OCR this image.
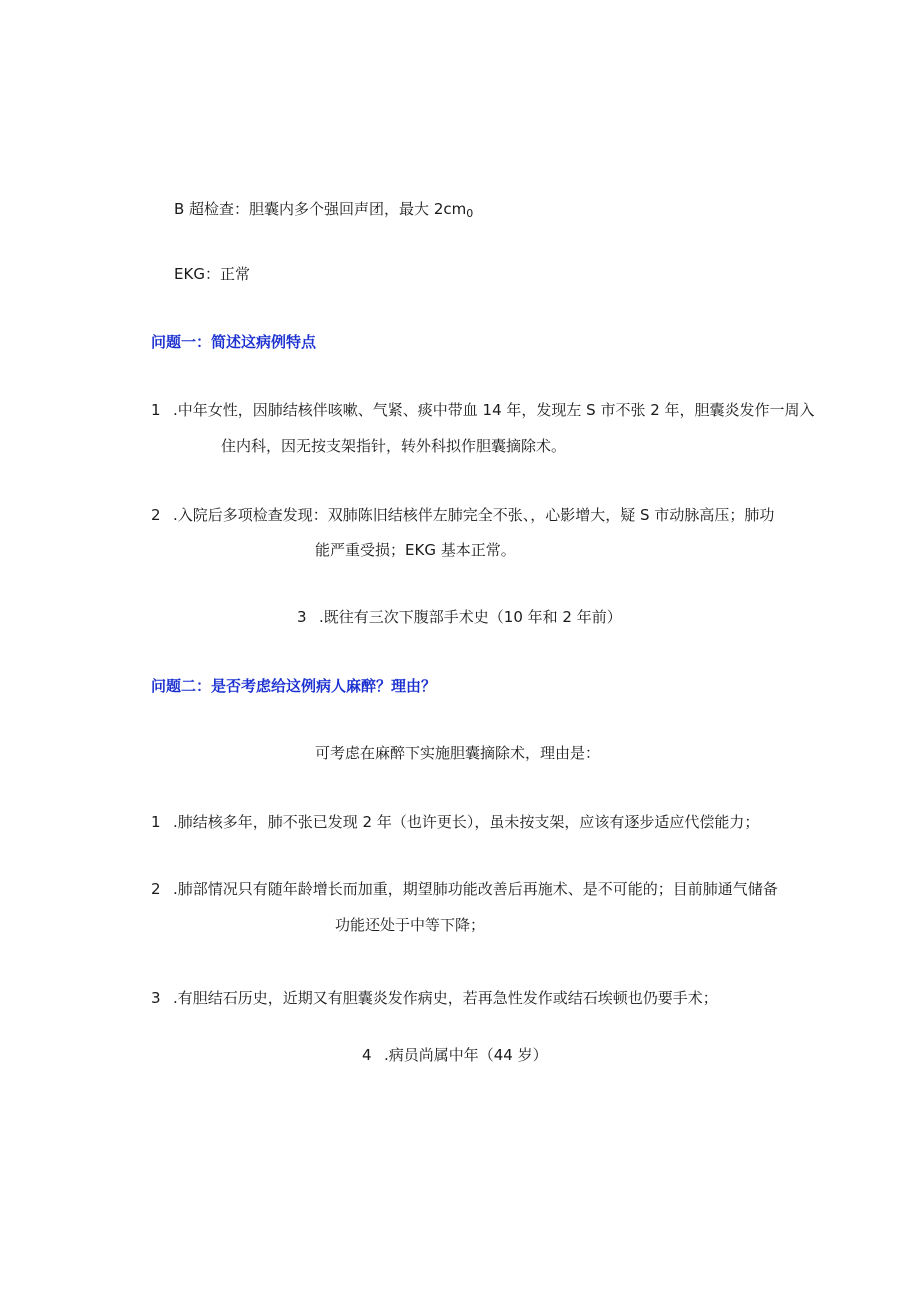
B 超检查：胆囊内多个强回声团，最大 $2cm_0$
EKG：正常
问题一：简述这病例特点
1 .中年女性，因肺结核伴咳嗽、气紧、痰中带血 14 年，发现左 S 市不张 2 年，胆囊炎发作一周入
住内科，因无按支架指针，转外科拟作胆囊摘除术。
2 .入院后多项检查发现：双肺陈旧结核伴左肺完全不张、，心影增大，疑 S 市动脉高压；肺功
能严重受损；EKG 基本正常。
3 .既往有三次下腹部手术史（10 年和 2 年前）
问题二：是否考虑给这例病人麻醉？理由？
可考虑在麻醉下实施胆囊摘除术，理由是：
1 .肺结核多年，肺不张已发现 2 年（也许更长），虽未按支架，应该有逐步适应代偿能力；
2 .肺部情况只有随年龄增长而加重，期望肺功能改善后再施术、是不可能的；目前肺通气储备
功能还处于中等下降；
3 .有胆结石历史，近期又有胆囊炎发作病史，若再急性发作或结石埃顿也仍要手术；
4 .病员尚属中年（44 岁）
